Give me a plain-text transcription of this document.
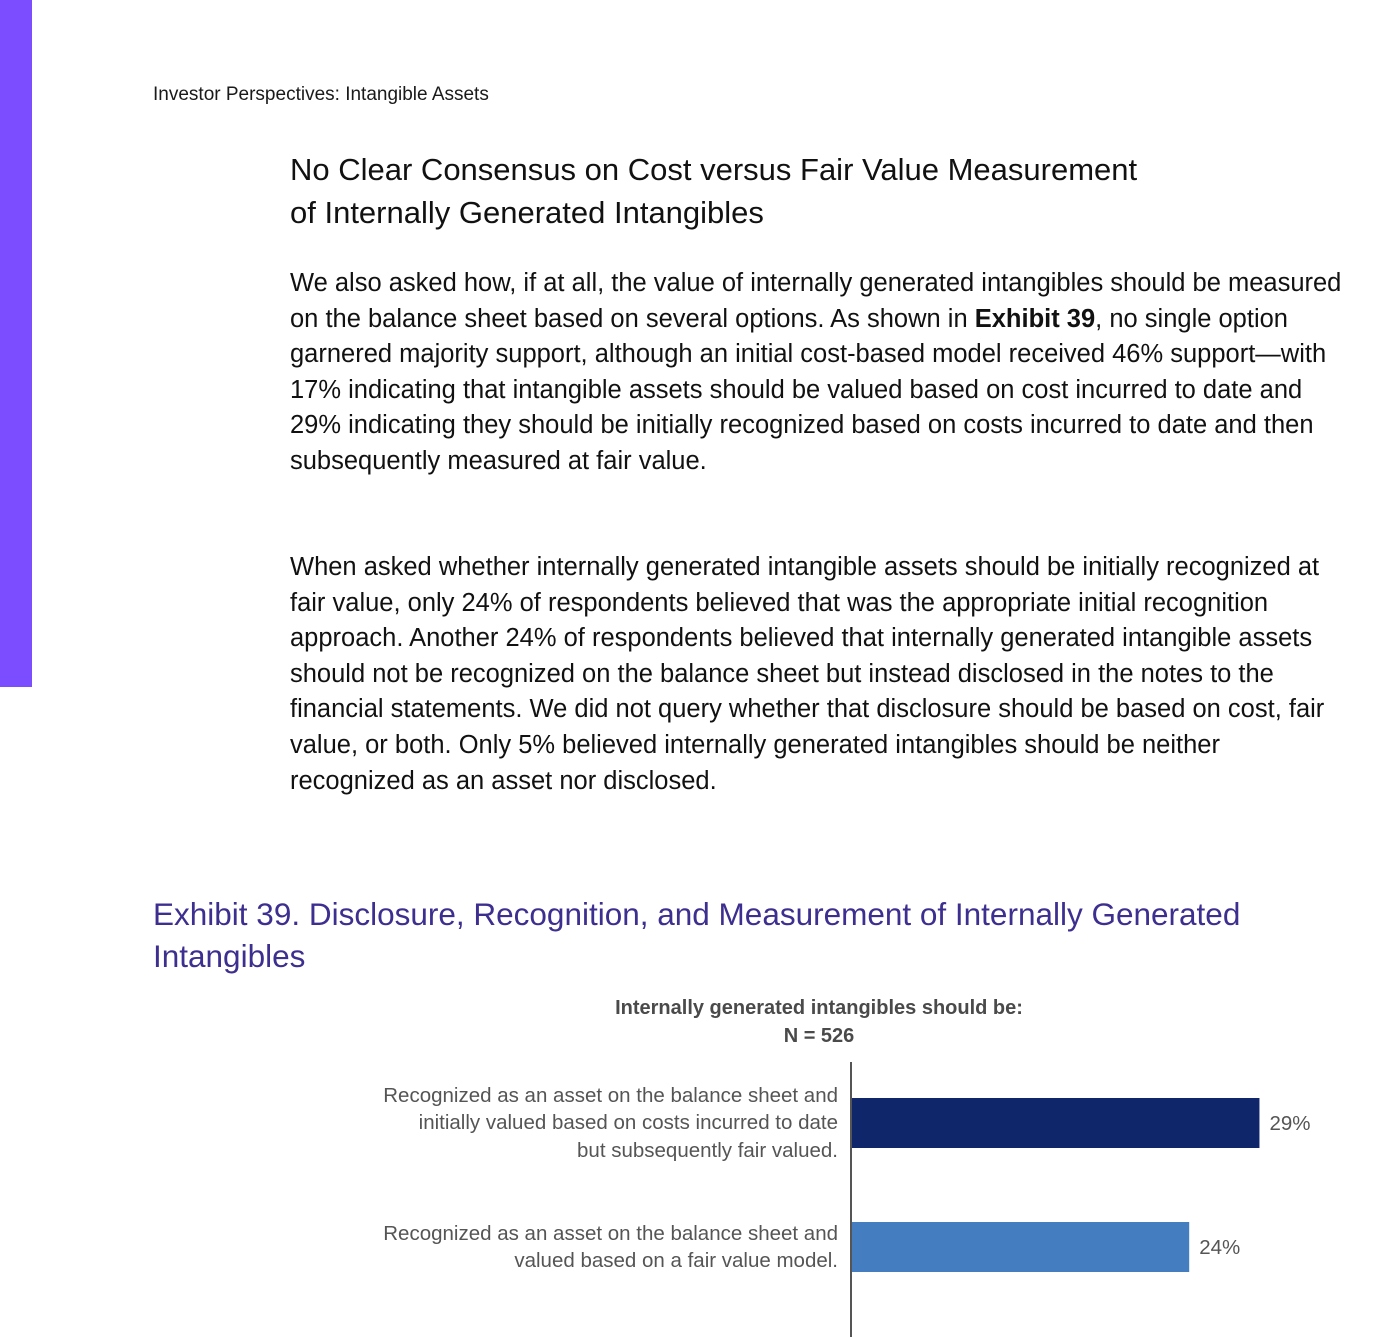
Investor Perspectives: Intangible Assets
No Clear Consensus on Cost versus Fair Value Measurement
of Internally Generated Intangibles

We also asked how, if at all, the value of internally generated intangibles should be measured on the balance sheet based on several options. As shown in Exhibit 39, no single option garnered majority support, although an initial cost-based model received 46% support—with 17% indicating that intangible assets should be valued based on cost incurred to date and 29% indicating they should be initially recognized based on costs incurred to date and then subsequently measured at fair value.

When asked whether internally generated intangible assets should be initially recognized at fair value, only 24% of respondents believed that was the appropriate initial recognition approach. Another 24% of respondents believed that internally generated intangible assets should not be recognized on the balance sheet but instead disclosed in the notes to the financial statements. We did not query whether that disclosure should be based on cost, fair value, or both. Only 5% believed internally generated intangibles should be neither recognized as an asset nor disclosed.

Exhibit 39. Disclosure, Recognition, and Measurement of Internally Generated
Intangibles
Internally generated intangibles should be:
N = 526
Recognized as an asset on the balance sheet and
initially valued based on costs incurred to date
but subsequently fair valued.
Recognized as an asset on the balance sheet and
valued based on a fair value model.
29%
24%
